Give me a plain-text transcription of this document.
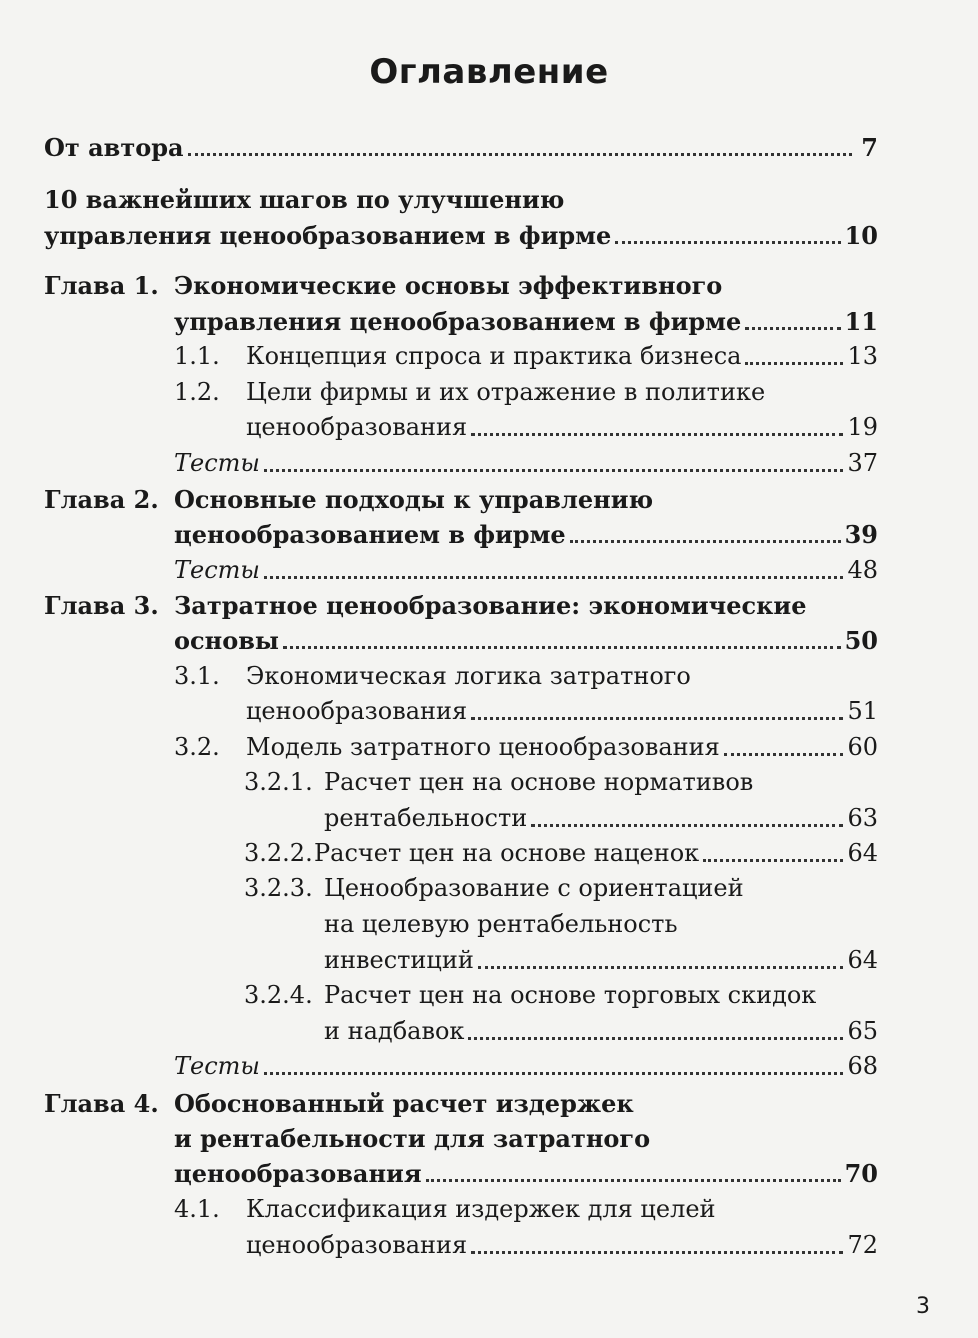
Оглавление
От автора	7
10 важнейших шагов по улучшению
управления ценообразованием в фирме	10
Глава 1. Экономические основы эффективного
управления ценообразованием в фирме	11
1.1. Концепция спроса и практика бизнеса	13
1.2. Цели фирмы и их отражение в политике
ценообразования	19
Тесты	37
Глава 2. Основные подходы к управлению
ценообразованием в фирме	39
Тесты	48
Глава 3. Затратное ценообразование: экономические
основы	50
3.1. Экономическая логика затратного
ценообразования	51
3.2. Модель затратного ценообразования	60
3.2.1. Расчет цен на основе нормативов
рентабельности	63
3.2.2. Расчет цен на основе наценок	64
3.2.3. Ценообразование с ориентацией
на целевую рентабельность
инвестиций	64
3.2.4. Расчет цен на основе торговых скидок
и надбавок	65
Тесты	68
Глава 4. Обоснованный расчет издержек
и рентабельности для затратного
ценообразования	70
4.1. Классификация издержек для целей
ценообразования	72
3
